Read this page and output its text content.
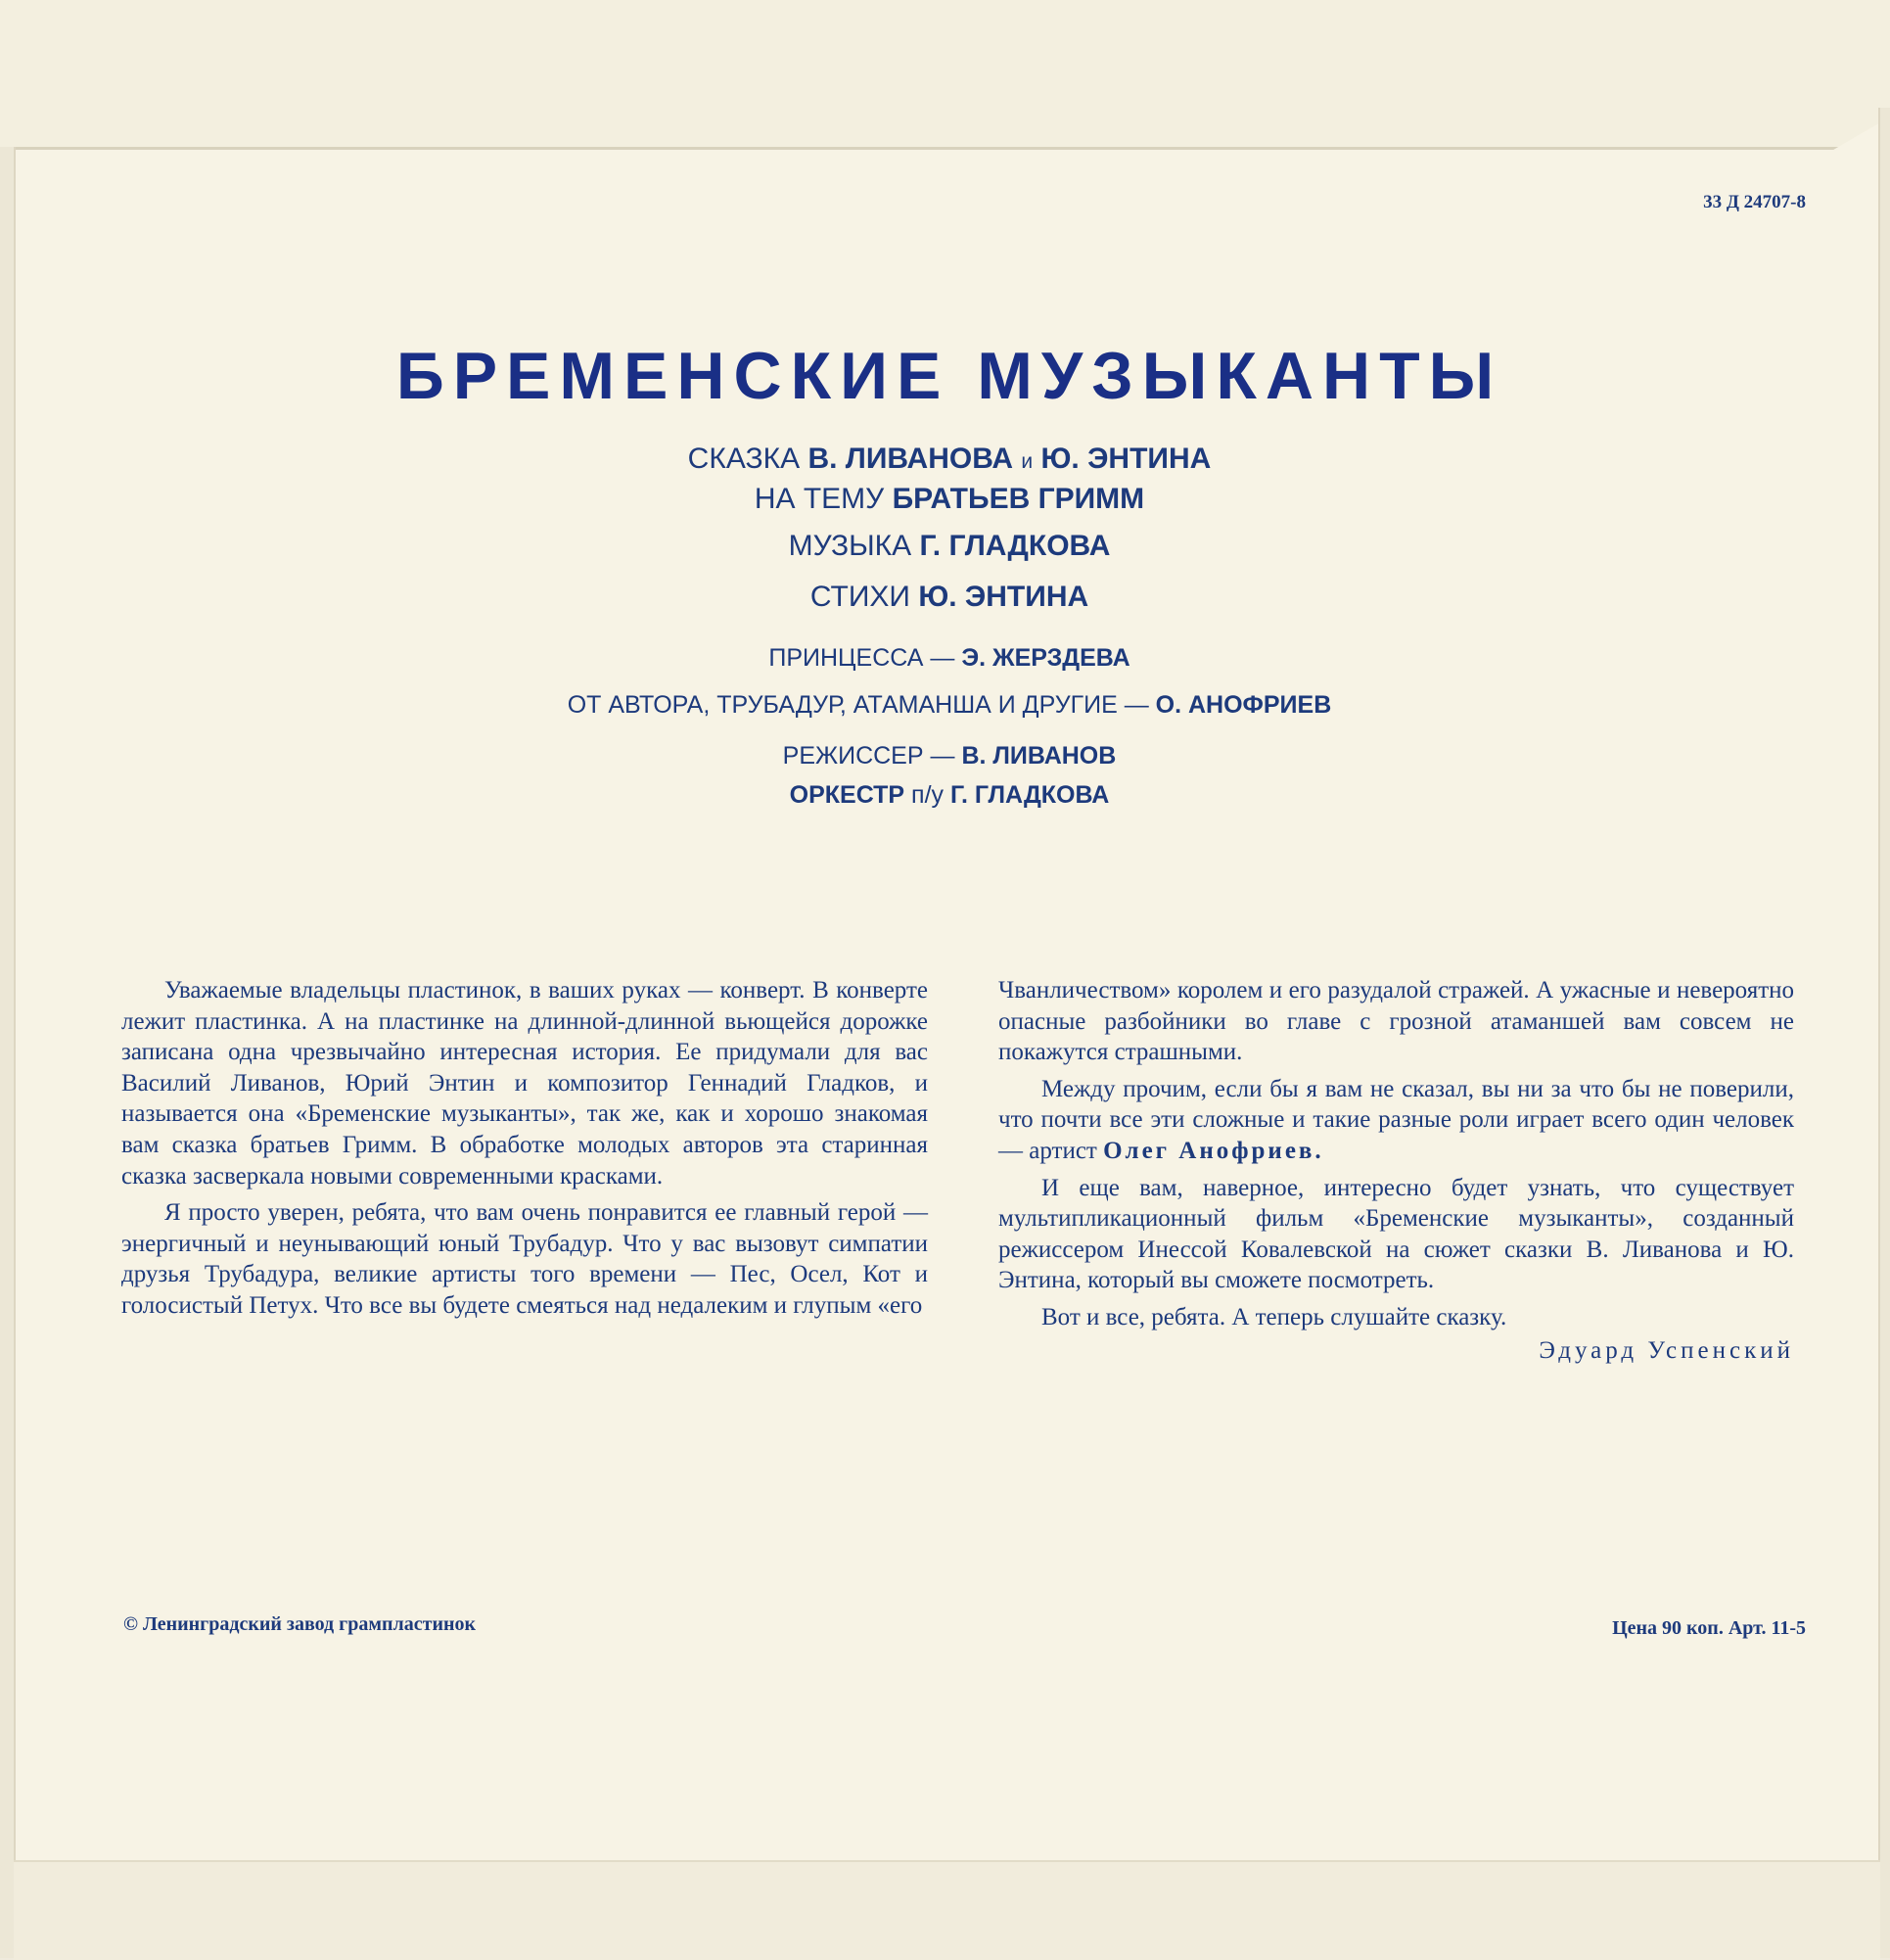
33 Д 24707-8
БРЕМЕНСКИЕ МУЗЫКАНТЫ
СКАЗКА В. ЛИВАНОВА и Ю. ЭНТИНА
НА ТЕМУ БРАТЬЕВ ГРИММ
МУЗЫКА Г. ГЛАДКОВА
СТИХИ Ю. ЭНТИНА
ПРИНЦЕССА — Э. ЖЕРЗДЕВА
ОТ АВТОРА, ТРУБАДУР, АТАМАНША И ДРУГИЕ — О. АНОФРИЕВ
РЕЖИССЕР — В. ЛИВАНОВ
ОРКЕСТР п/у Г. ГЛАДКОВА

Уважаемые владельцы пластинок, в ваших руках — конверт. В конверте лежит пластинка. А на пластинке на длинной-длинной вьющейся дорожке записана одна чрезвычайно интересная история. Ее придумали для вас Василий Ливанов, Юрий Энтин и композитор Геннадий Гладков, и называется она «Бременские музыканты», так же, как и хорошо знакомая вам сказка братьев Гримм. В обработке молодых авторов эта старинная сказка засверкала новыми современными красками.

Я просто уверен, ребята, что вам очень понравится ее главный герой — энергичный и неунывающий юный Трубадур. Что у вас вызовут симпатии друзья Трубадура, великие артисты того времени — Пес, Осел, Кот и голосистый Петух. Что все вы будете смеяться над недалеким и глупым «его

Чванличеством» королем и его разудалой стражей. А ужасные и невероятно опасные разбойники во главе с грозной атаманшей вам совсем не покажутся страшными.

Между прочим, если бы я вам не сказал, вы ни за что бы не поверили, что почти все эти сложные и такие разные роли играет всего один человек — артист Олег Анофриев.

И еще вам, наверное, интересно будет узнать, что существует мультипликационный фильм «Бременские музыканты», созданный режиссером Инессой Ковалевской на сюжет сказки В. Ливанова и Ю. Энтина, который вы сможете посмотреть.

Вот и все, ребята. А теперь слушайте сказку.

Эдуард Успенский
© Ленинградский завод грампластинок	Цена 90 коп. Арт. 11-5
